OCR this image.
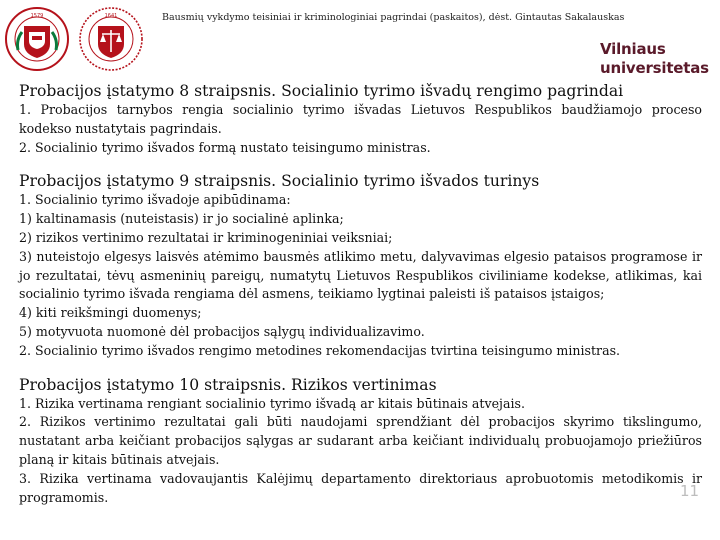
1579	1641	Bausmių vykdymo teisiniai ir kriminologiniai pagrindai (paskaitos), dėst. Gintautas Sakalauskas
Vilniaus
universitetas
Probacijos įstatymo 8 straipsnis. Socialinio tyrimo išvadų rengimo pagrindai

1. Probacijos tarnybos rengia socialinio tyrimo išvadas Lietuvos Respublikos baudžiamojo proceso kodekso nustatytais pagrindais.

2. Socialinio tyrimo išvados formą nustato teisingumo ministras.

Probacijos įstatymo 9 straipsnis. Socialinio tyrimo išvados turinys

1. Socialinio tyrimo išvadoje apibūdinama:

1) kaltinamasis (nuteistasis) ir jo socialinė aplinka;

2) rizikos vertinimo rezultatai ir kriminogeniniai veiksniai;

3) nuteistojo elgesys laisvės atėmimo bausmės atlikimo metu, dalyvavimas elgesio pataisos programose ir jo rezultatai, tėvų asmeninių pareigų, numatytų Lietuvos Respublikos civiliniame kodekse, atlikimas, kai socialinio tyrimo išvada rengiama dėl asmens, teikiamo lygtinai paleisti iš pataisos įstaigos;

4) kiti reikšmingi duomenys;

5) motyvuota nuomonė dėl probacijos sąlygų individualizavimo.

2. Socialinio tyrimo išvados rengimo metodines rekomendacijas tvirtina teisingumo ministras.

Probacijos įstatymo 10 straipsnis. Rizikos vertinimas

1. Rizika vertinama rengiant socialinio tyrimo išvadą ar kitais būtinais atvejais.

2. Rizikos vertinimo rezultatai gali būti naudojami sprendžiant dėl probacijos skyrimo tikslingumo, nustatant arba keičiant probacijos sąlygas ar sudarant arba keičiant individualų probuojamojo priežiūros planą ir kitais būtinais atvejais.

3. Rizika vertinama vadovaujantis Kalėjimų departamento direktoriaus aprobuotomis metodikomis ir programomis.	11
